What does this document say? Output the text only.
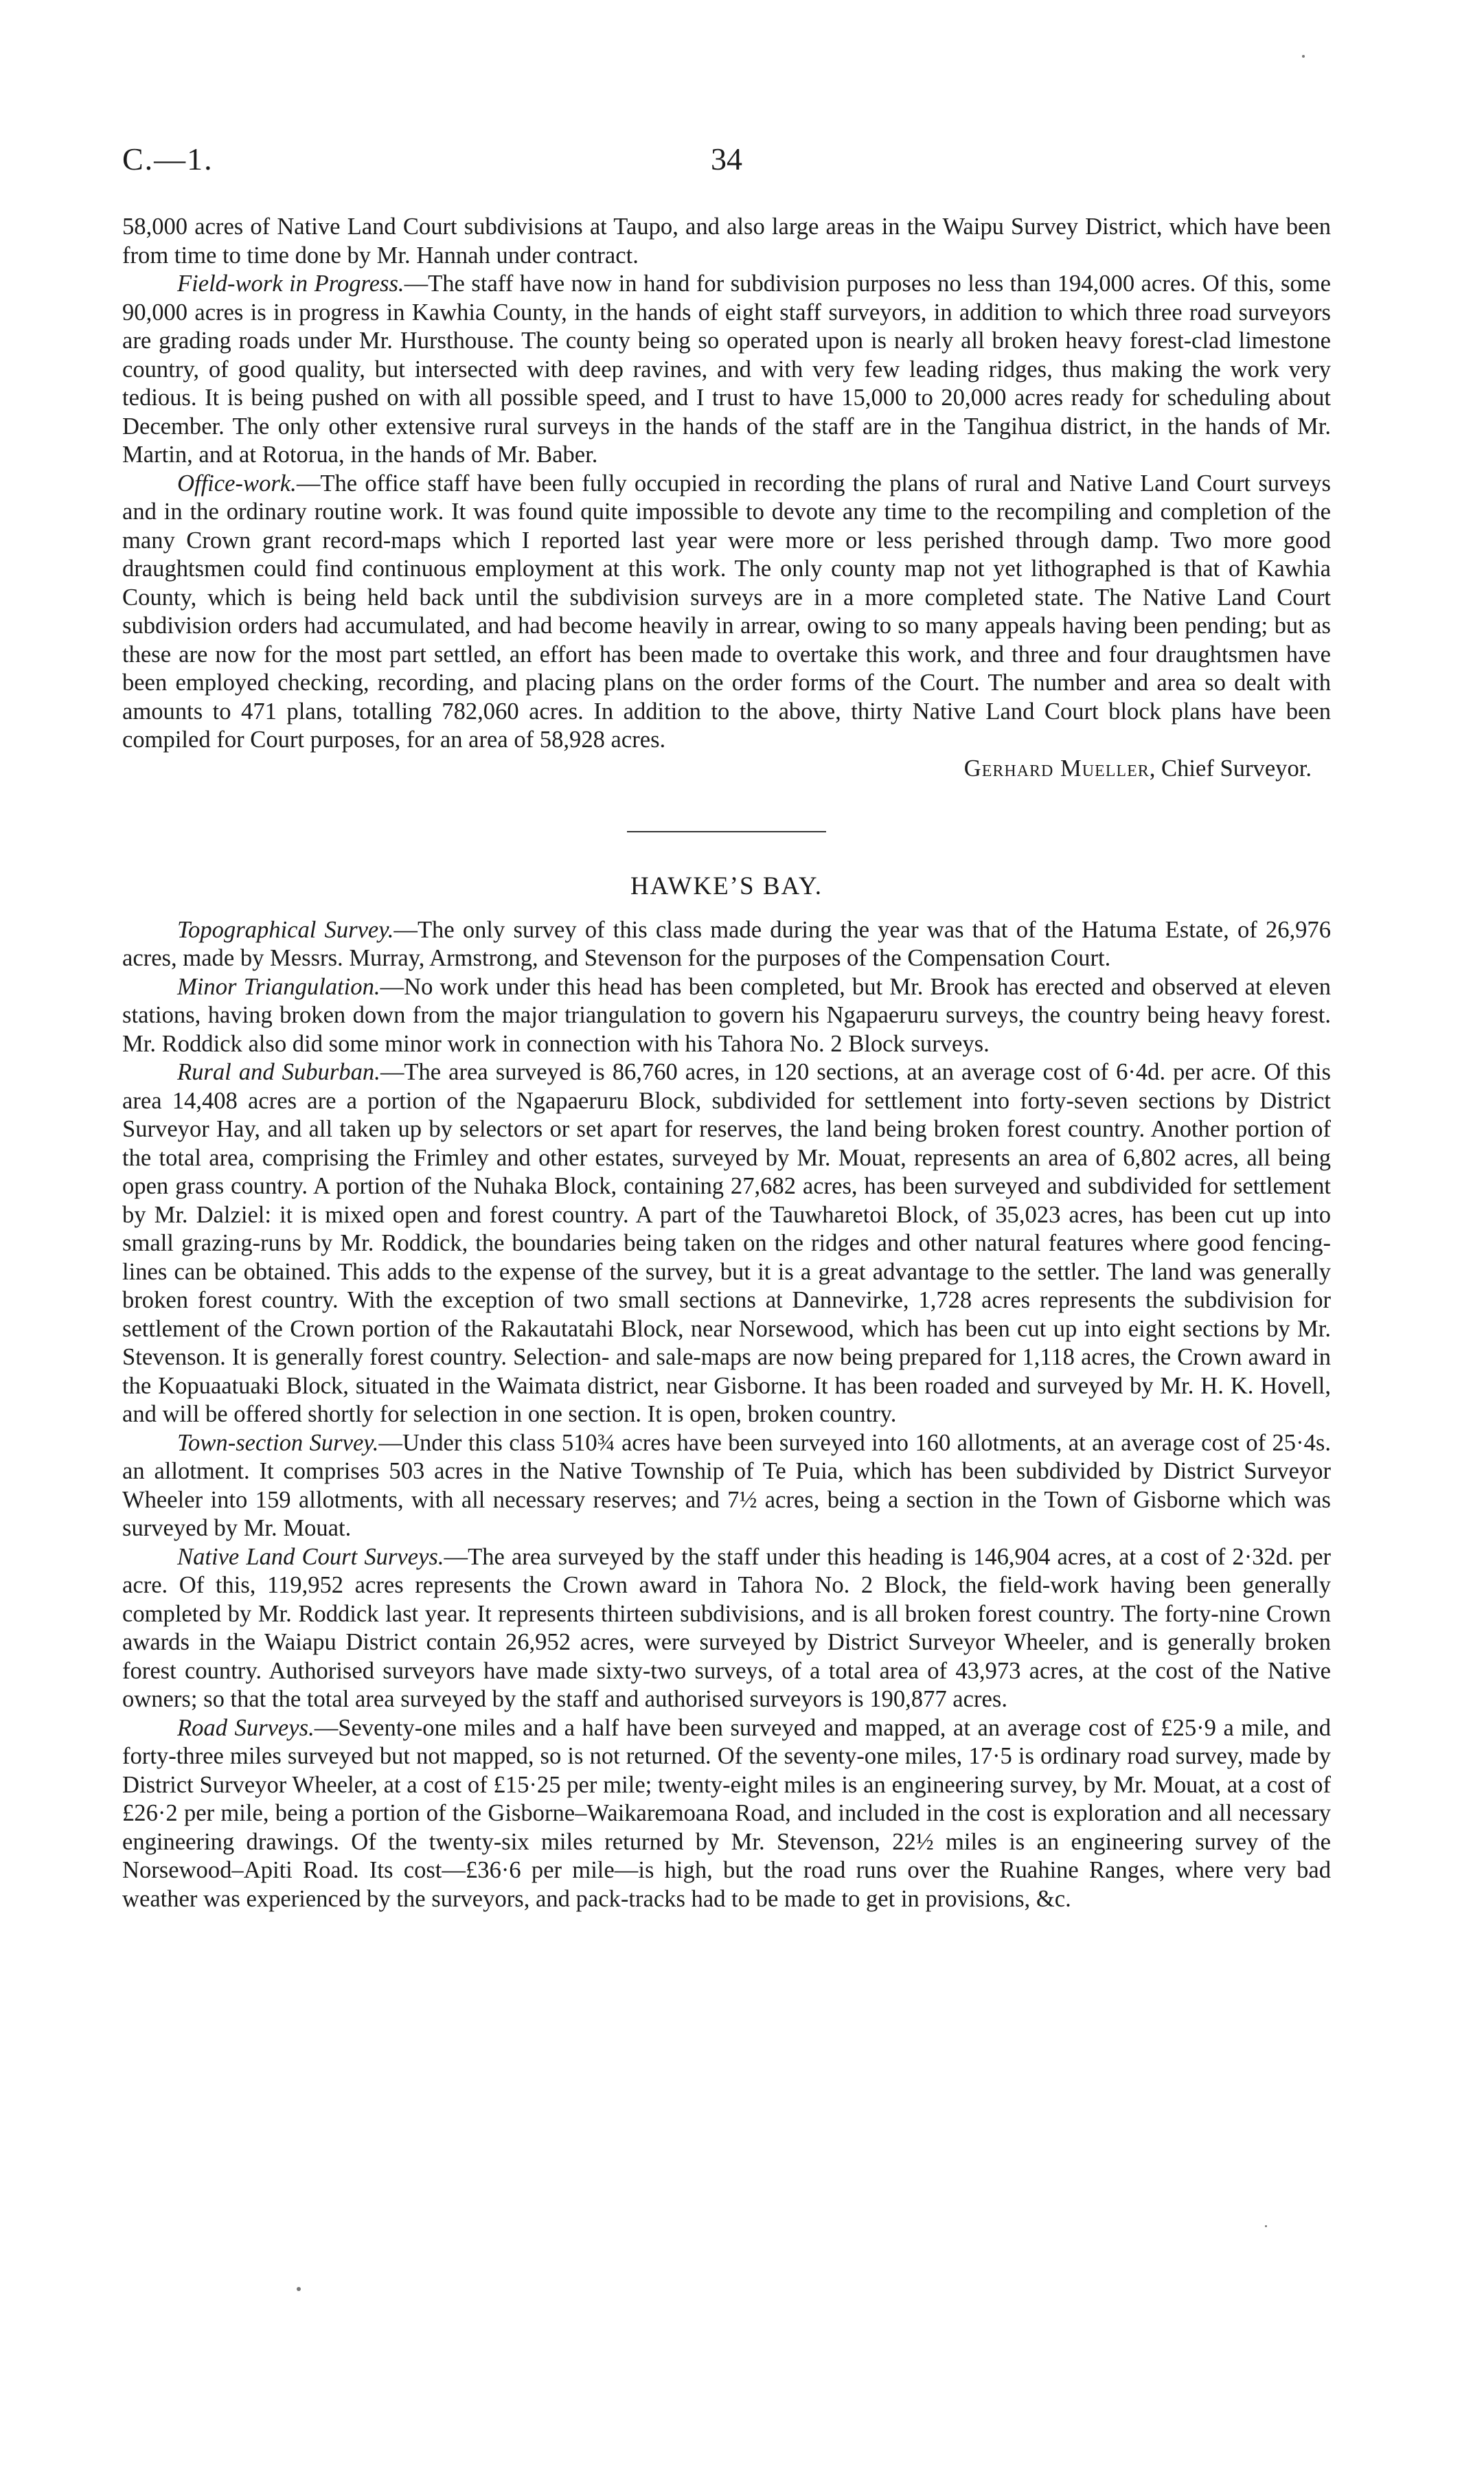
C.—1.	34

58,000 acres of Native Land Court subdivisions at Taupo, and also large areas in the Waipu Survey District, which have been from time to time done by Mr. Hannah under contract.

Field-work in Progress.—The staff have now in hand for subdivision purposes no less than 194,000 acres. Of this, some 90,000 acres is in progress in Kawhia County, in the hands of eight staff surveyors, in addition to which three road surveyors are grading roads under Mr. Hursthouse. The county being so operated upon is nearly all broken heavy forest-clad limestone country, of good quality, but intersected with deep ravines, and with very few leading ridges, thus making the work very tedious. It is being pushed on with all possible speed, and I trust to have 15,000 to 20,000 acres ready for scheduling about December. The only other extensive rural surveys in the hands of the staff are in the Tangihua district, in the hands of Mr. Martin, and at Rotorua, in the hands of Mr. Baber.

Office-work.—The office staff have been fully occupied in recording the plans of rural and Native Land Court surveys and in the ordinary routine work. It was found quite impossible to devote any time to the recompiling and completion of the many Crown grant record-maps which I reported last year were more or less perished through damp. Two more good draughtsmen could find continuous employment at this work. The only county map not yet lithographed is that of Kawhia County, which is being held back until the subdivision surveys are in a more completed state. The Native Land Court subdivision orders had accumulated, and had become heavily in arrear, owing to so many appeals having been pending; but as these are now for the most part settled, an effort has been made to overtake this work, and three and four draughtsmen have been employed checking, recording, and placing plans on the order forms of the Court. The number and area so dealt with amounts to 471 plans, totalling 782,060 acres. In addition to the above, thirty Native Land Court block plans have been compiled for Court purposes, for an area of 58,928 acres.

Gerhard Mueller, Chief Surveyor.

HAWKE’S BAY.

Topographical Survey.—The only survey of this class made during the year was that of the Hatuma Estate, of 26,976 acres, made by Messrs. Murray, Armstrong, and Stevenson for the purposes of the Compensation Court.

Minor Triangulation.—No work under this head has been completed, but Mr. Brook has erected and observed at eleven stations, having broken down from the major triangulation to govern his Ngapaeruru surveys, the country being heavy forest. Mr. Roddick also did some minor work in connection with his Tahora No. 2 Block surveys.

Rural and Suburban.—The area surveyed is 86,760 acres, in 120 sections, at an average cost of 6·4d. per acre. Of this area 14,408 acres are a portion of the Ngapaeruru Block, subdivided for settlement into forty-seven sections by District Surveyor Hay, and all taken up by selectors or set apart for reserves, the land being broken forest country. Another portion of the total area, comprising the Frimley and other estates, surveyed by Mr. Mouat, represents an area of 6,802 acres, all being open grass country. A portion of the Nuhaka Block, containing 27,682 acres, has been surveyed and subdivided for settlement by Mr. Dalziel: it is mixed open and forest country. A part of the Tauwharetoi Block, of 35,023 acres, has been cut up into small grazing-runs by Mr. Roddick, the boundaries being taken on the ridges and other natural features where good fencing-lines can be obtained. This adds to the expense of the survey, but it is a great advantage to the settler. The land was generally broken forest country. With the exception of two small sections at Dannevirke, 1,728 acres represents the subdivision for settlement of the Crown portion of the Rakautatahi Block, near Norsewood, which has been cut up into eight sections by Mr. Stevenson. It is generally forest country. Selection- and sale-maps are now being prepared for 1,118 acres, the Crown award in the Kopuaatuaki Block, situated in the Waimata district, near Gisborne. It has been roaded and surveyed by Mr. H. K. Hovell, and will be offered shortly for selection in one section. It is open, broken country.

Town-section Survey.—Under this class 510¾ acres have been surveyed into 160 allotments, at an average cost of 25·4s. an allotment. It comprises 503 acres in the Native Township of Te Puia, which has been subdivided by District Surveyor Wheeler into 159 allotments, with all necessary reserves; and 7½ acres, being a section in the Town of Gisborne which was surveyed by Mr. Mouat.

Native Land Court Surveys.—The area surveyed by the staff under this heading is 146,904 acres, at a cost of 2·32d. per acre. Of this, 119,952 acres represents the Crown award in Tahora No. 2 Block, the field-work having been generally completed by Mr. Roddick last year. It represents thirteen subdivisions, and is all broken forest country. The forty-nine Crown awards in the Waiapu District contain 26,952 acres, were surveyed by District Surveyor Wheeler, and is generally broken forest country. Authorised surveyors have made sixty-two surveys, of a total area of 43,973 acres, at the cost of the Native owners; so that the total area surveyed by the staff and authorised surveyors is 190,877 acres.

Road Surveys.—Seventy-one miles and a half have been surveyed and mapped, at an average cost of £25·9 a mile, and forty-three miles surveyed but not mapped, so is not returned. Of the seventy-one miles, 17·5 is ordinary road survey, made by District Surveyor Wheeler, at a cost of £15·25 per mile; twenty-eight miles is an engineering survey, by Mr. Mouat, at a cost of £26·2 per mile, being a portion of the Gisborne–Waikaremoana Road, and included in the cost is exploration and all necessary engineering drawings. Of the twenty-six miles returned by Mr. Stevenson, 22½ miles is an engineering survey of the Norsewood–Apiti Road. Its cost—£36·6 per mile—is high, but the road runs over the Ruahine Ranges, where very bad weather was experienced by the surveyors, and pack-tracks had to be made to get in provisions, &c.
